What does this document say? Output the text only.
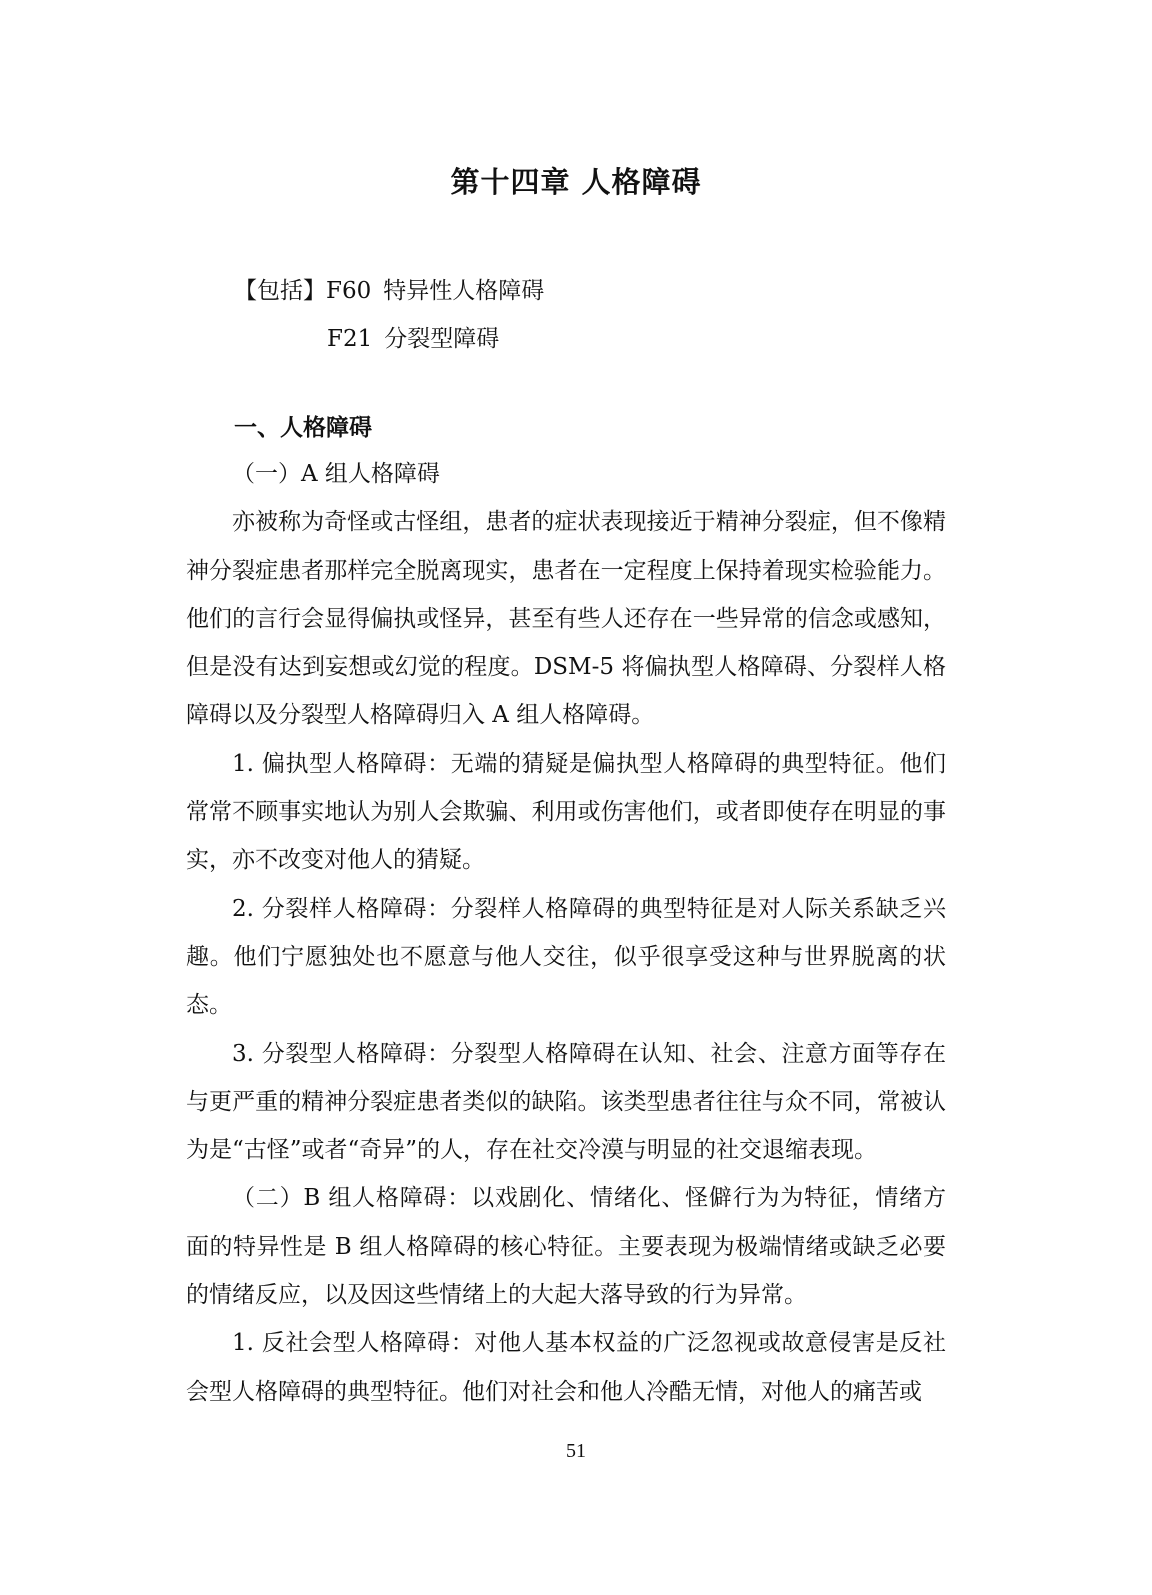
第十四章 人格障碍
【包括】F60 特异性人格障碍
F21 分裂型障碍
一、人格障碍

（一）A 组人格障碍

亦被称为奇怪或古怪组，患者的症状表现接近于精神分裂症，但不像精神分裂症患者那样完全脱离现实，患者在一定程度上保持着现实检验能力。他们的言行会显得偏执或怪异，甚至有些人还存在一些异常的信念或感知，但是没有达到妄想或幻觉的程度。DSM-5 将偏执型人格障碍、分裂样人格障碍以及分裂型人格障碍归入 A 组人格障碍。

1. 偏执型人格障碍：无端的猜疑是偏执型人格障碍的典型特征。他们常常不顾事实地认为别人会欺骗、利用或伤害他们，或者即使存在明显的事实，亦不改变对他人的猜疑。

2. 分裂样人格障碍：分裂样人格障碍的典型特征是对人际关系缺乏兴趣。他们宁愿独处也不愿意与他人交往，似乎很享受这种与世界脱离的状态。

3. 分裂型人格障碍：分裂型人格障碍在认知、社会、注意方面等存在与更严重的精神分裂症患者类似的缺陷。该类型患者往往与众不同，常被认为是“古怪”或者“奇异”的人，存在社交冷漠与明显的社交退缩表现。

（二）B 组人格障碍：以戏剧化、情绪化、怪僻行为为特征，情绪方面的特异性是 B 组人格障碍的核心特征。主要表现为极端情绪或缺乏必要的情绪反应，以及因这些情绪上的大起大落导致的行为异常。

1. 反社会型人格障碍：对他人基本权益的广泛忽视或故意侵害是反社会型人格障碍的典型特征。他们对社会和他人冷酷无情，对他人的痛苦或

51
